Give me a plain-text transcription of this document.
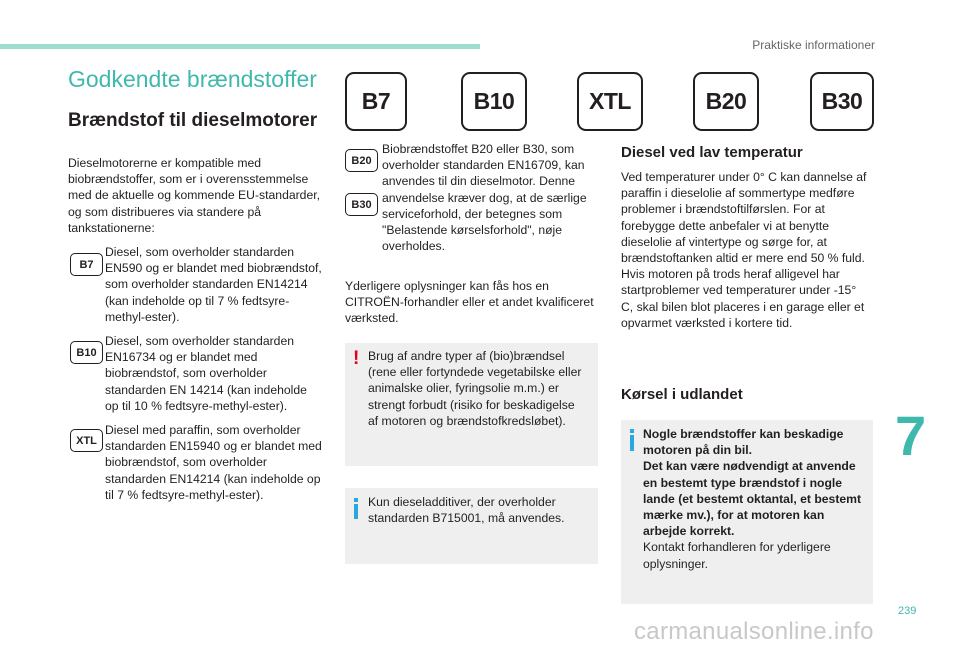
Praktiske informationer
Godkendte brændstoffer
Brændstof til dieselmotorer
B7	B10	XTL	B20	B30
Dieselmotorerne er kompatible med biobrændstoffer, som er i overensstemmelse med de aktuelle og kommende EU-standarder, og som distribueres via standere på tankstationerne:
B7
Diesel, som overholder standarden EN590 og er blandet med biobrændstof, som overholder standarden EN14214 (kan indeholde op til 7 % fedtsyre-methyl-ester).
B10
Diesel, som overholder standarden EN16734 og er blandet med biobrændstof, som overholder standarden EN 14214 (kan indeholde op til 10 % fedtsyre-methyl-ester).
XTL
Diesel med paraffin, som overholder standarden EN15940 og er blandet med biobrændstof, som overholder standarden EN14214 (kan indeholde op til 7 % fedtsyre-methyl-ester).
B20
B30
Biobrændstoffet B20 eller B30, som overholder standarden EN16709, kan anvendes til din dieselmotor. Denne anvendelse kræver dog, at de særlige serviceforhold, der betegnes som "Belastende kørselsforhold", nøje overholdes.
Yderligere oplysninger kan fås hos en CITROËN-forhandler eller et andet kvalificeret værksted.
! Brug af andre typer af (bio)brændsel (rene eller fortyndede vegetabilske eller animalske olier, fyringsolie m.m.) er strengt forbudt (risiko for beskadigelse af motoren og brændstofkredsløbet).
Kun dieseladditiver, der overholder standarden B715001, må anvendes.
Diesel ved lav temperatur
Ved temperaturer under 0° C kan dannelse af paraffin i dieselolie af sommertype medføre problemer i brændstoftilførslen. For at forebygge dette anbefaler vi at benytte dieselolie af vintertype og sørge for, at brændstoftanken altid er mere end 50 % fuld. Hvis motoren på trods heraf alligevel har startproblemer ved temperaturer under -15° C, skal bilen blot placeres i en garage eller et opvarmet værksted i kortere tid.
Kørsel i udlandet
Nogle brændstoffer kan beskadige motoren på din bil.
Det kan være nødvendigt at anvende en bestemt type brændstof i nogle lande (et bestemt oktantal, et bestemt mærke mv.), for at motoren kan arbejde korrekt.
Kontakt forhandleren for yderligere oplysninger.
7
239
carmanualsonline.info
